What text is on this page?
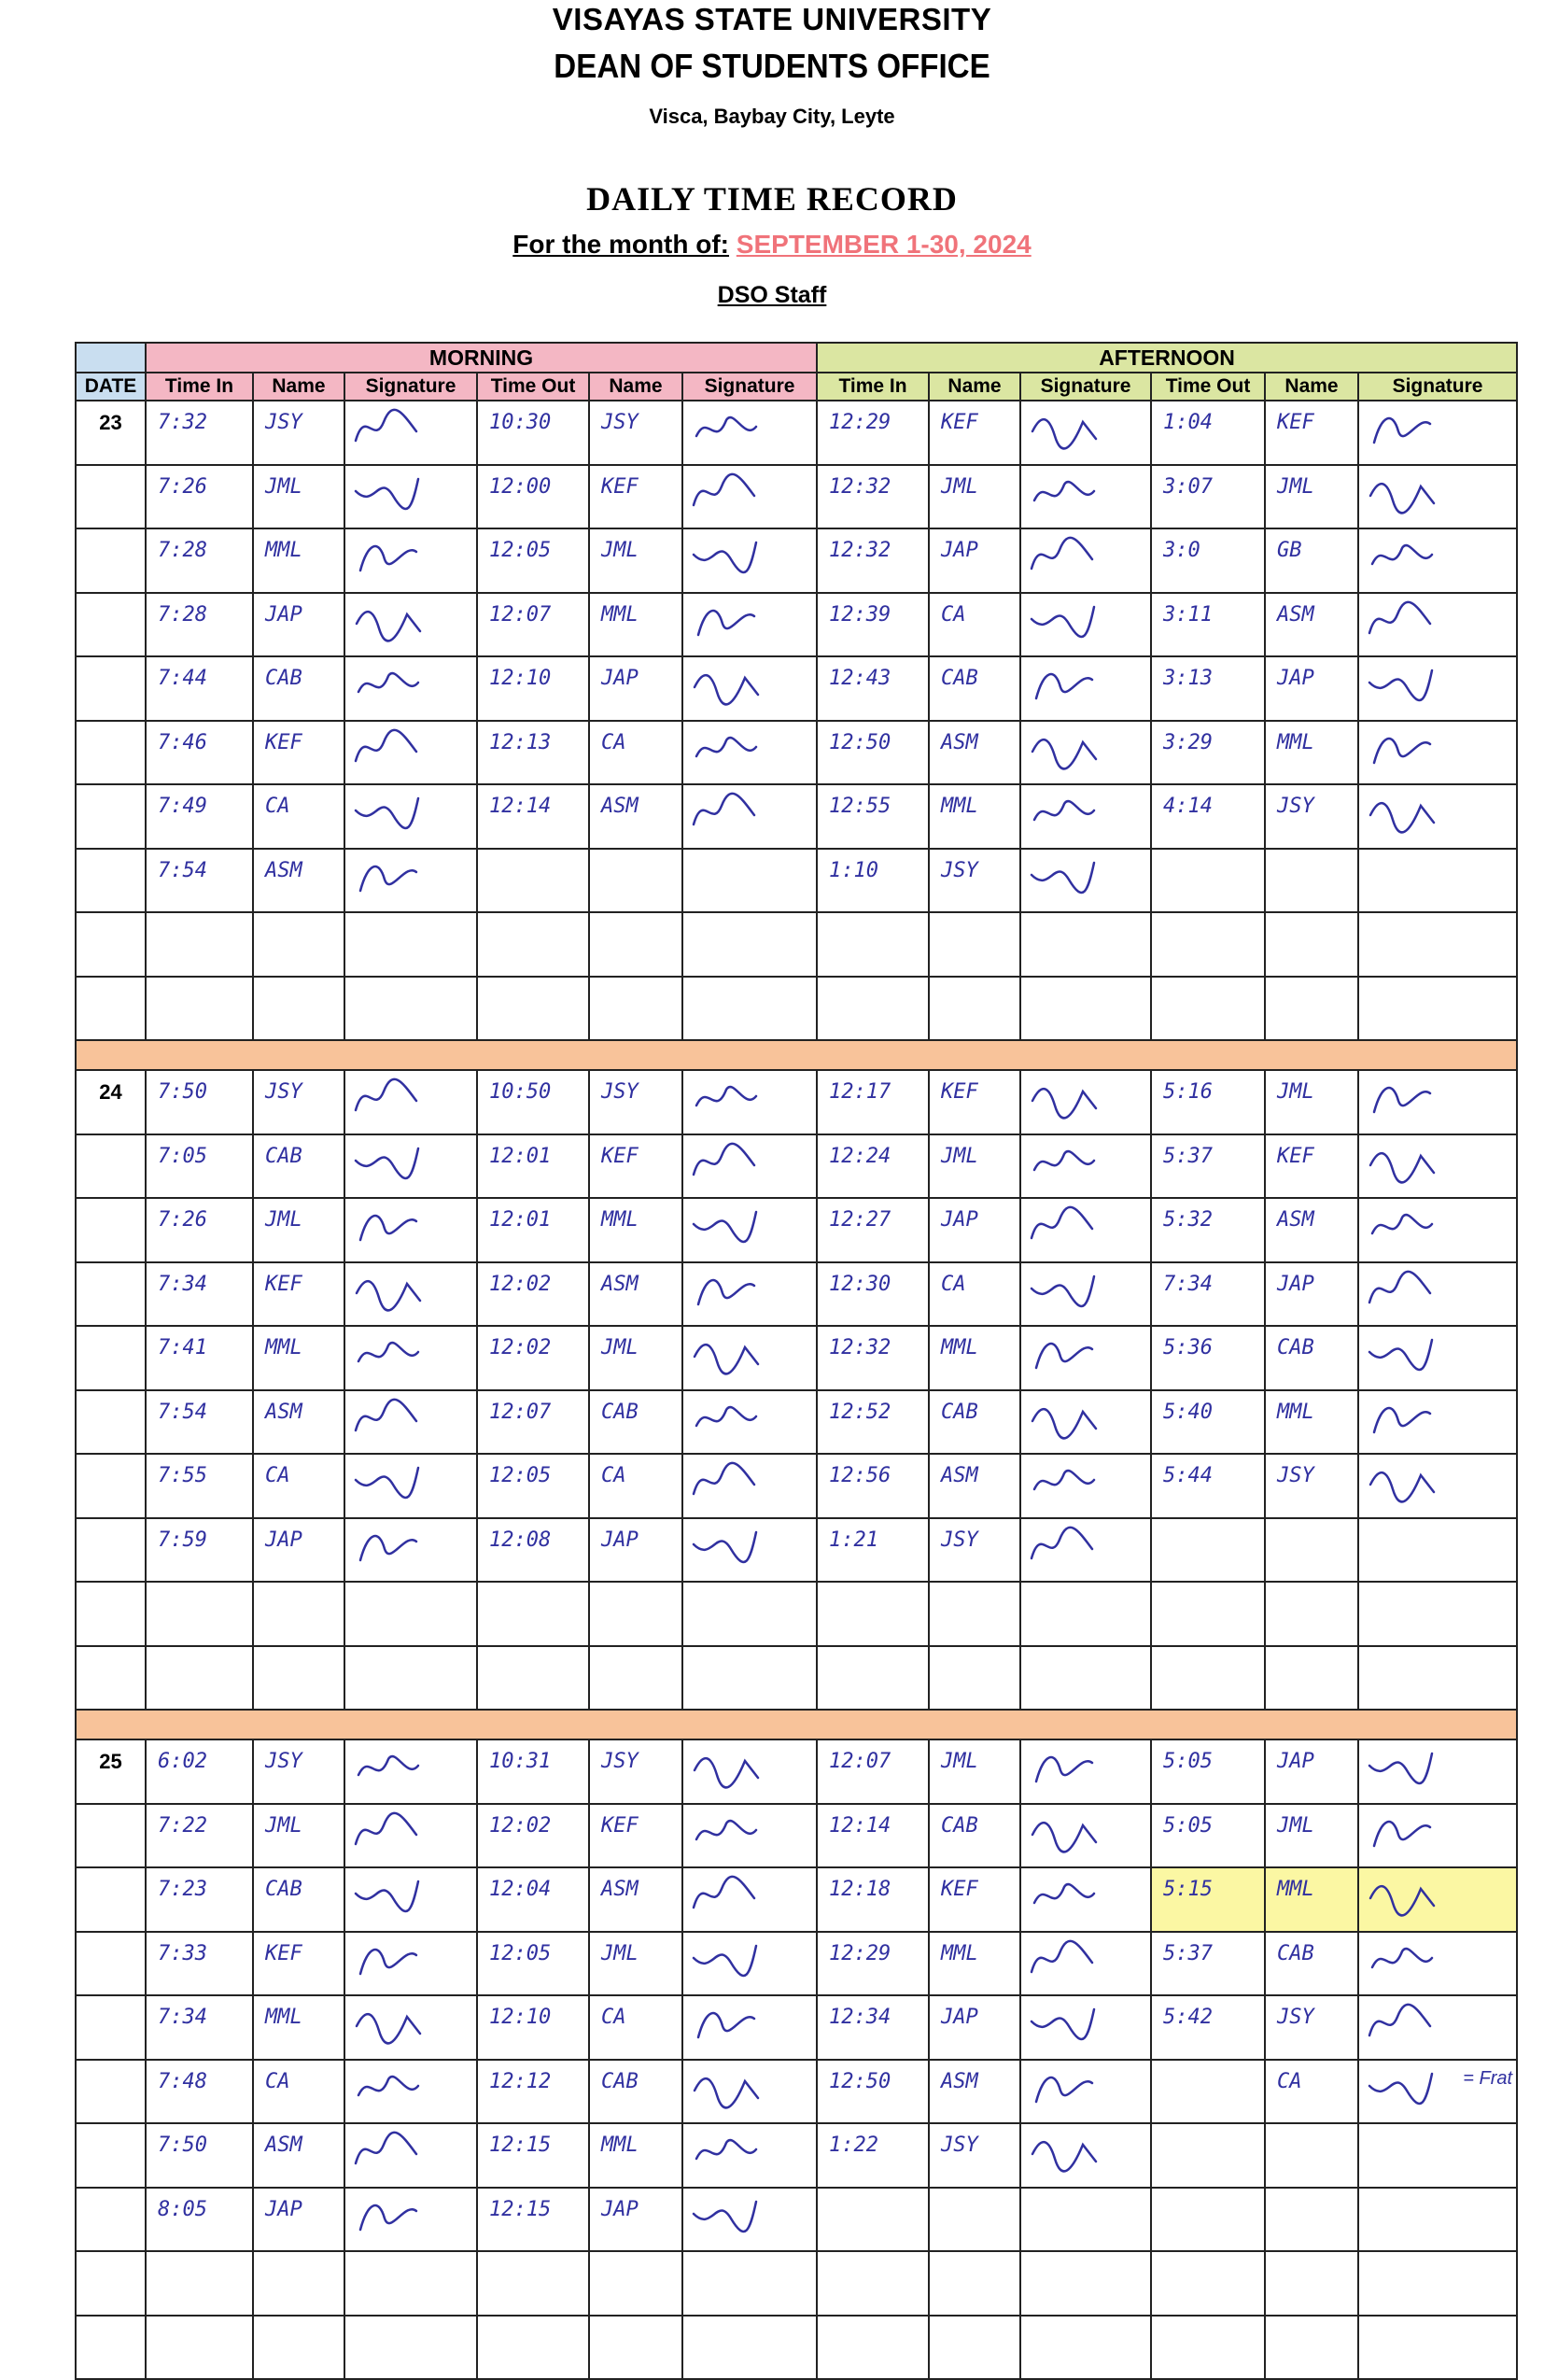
VISAYAS STATE UNIVERSITY
DEAN OF STUDENTS OFFICE
Visca, Baybay City, Leyte
DAILY TIME RECORD
For the month of: SEPTEMBER 1-30, 2024
DSO Staff
	MORNING						AFTERNOON					
DATE	Time In	Name	Signature	Time Out	Name	Signature	Time In	Name	Signature	Time Out	Name	Signature
23	7:32	JSY		10:30	JSY		12:29	KEF		1:04	KEF	

	7:26	JML		12:00	KEF		12:32	JML		3:07	JML	

	7:28	MML		12:05	JML		12:32	JAP		3:0	GB	

	7:28	JAP		12:07	MML		12:39	CA		3:11	ASM	

	7:44	CAB		12:10	JAP		12:43	CAB		3:13	JAP	

	7:46	KEF		12:13	CA		12:50	ASM		3:29	MML	

	7:49	CA		12:14	ASM		12:55	MML		4:14	JSY	

	7:54	ASM					1:10	JSY	

24	7:50	JSY		10:50	JSY		12:17	KEF		5:16	JML	

	7:05	CAB		12:01	KEF		12:24	JML		5:37	KEF	

	7:26	JML		12:01	MML		12:27	JAP		5:32	ASM	

	7:34	KEF		12:02	ASM		12:30	CA		7:34	JAP	

	7:41	MML		12:02	JML		12:32	MML		5:36	CAB	

	7:54	ASM		12:07	CAB		12:52	CAB		5:40	MML	

	7:55	CA		12:05	CA		12:56	ASM		5:44	JSY	

	7:59	JAP		12:08	JAP		1:21	JSY	

25	6:02	JSY		10:31	JSY		12:07	JML		5:05	JAP	

	7:22	JML		12:02	KEF		12:14	CAB		5:05	JML	

	7:23	CAB		12:04	ASM		12:18	KEF		5:15	MML	

	7:33	KEF		12:05	JML		12:29	MML		5:37	CAB	

	7:34	MML		12:10	CA		12:34	JAP		5:42	JSY	

	7:48	CA		12:12	CAB		12:50	ASM			CA	= Frat

	7:50	ASM		12:15	MML		1:22	JSY	

	8:05	JAP		12:15	JAP	
